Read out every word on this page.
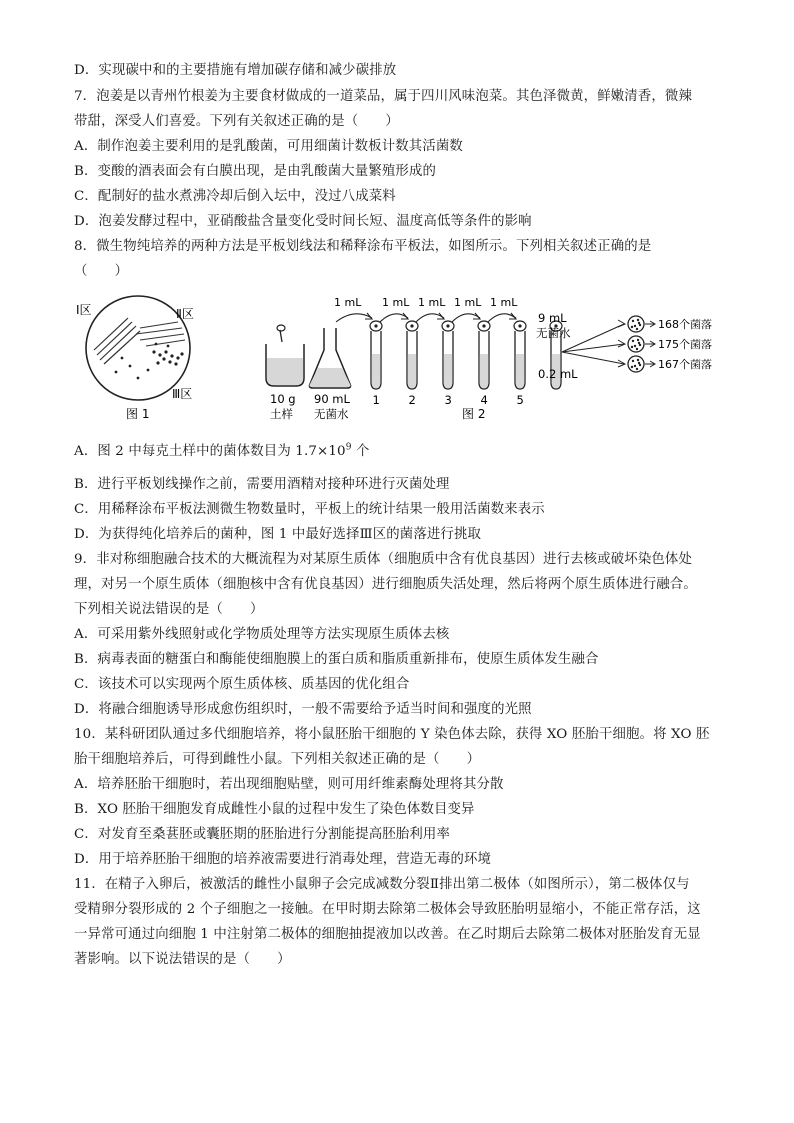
D．实现碳中和的主要措施有增加碳存储和减少碳排放
7．泡姜是以青州竹根姜为主要食材做成的一道菜品，属于四川风味泡菜。其色泽微黄，鲜嫩清香，微辣
带甜，深受人们喜爱。下列有关叙述正确的是（　　）
A．制作泡姜主要利用的是乳酸菌，可用细菌计数板计数其活菌数
B．变酸的酒表面会有白膜出现，是由乳酸菌大量繁殖形成的
C．配制好的盐水煮沸冷却后倒入坛中，没过八成菜料
D．泡姜发酵过程中，亚硝酸盐含量变化受时间长短、温度高低等条件的影响
8．微生物纯培养的两种方法是平板划线法和稀释涂布平板法，如图所示。下列相关叙述正确的是
（　　）
Ⅰ区	Ⅱ区
Ⅲ区
图 1
10 g
土样
90 mL
无菌水
1 2 3 4 5
1 mL 1 mL 1 mL 1 mL 1 mL
9 mL
无菌水
168个菌落
175个菌落
167个菌落
0.2 mL
图 2
A．图 2 中每克土样中的菌体数目为 $1.7\times 10^9$ 个
B．进行平板划线操作之前，需要用酒精对接种环进行灭菌处理
C．用稀释涂布平板法测微生物数量时，平板上的统计结果一般用活菌数来表示
D．为获得纯化培养后的菌种，图 1 中最好选择Ⅲ区的菌落进行挑取
9．非对称细胞融合技术的大概流程为对某原生质体（细胞质中含有优良基因）进行去核或破坏染色体处
理，对另一个原生质体（细胞核中含有优良基因）进行细胞质失活处理，然后将两个原生质体进行融合。
下列相关说法错误的是（　　）
A．可采用紫外线照射或化学物质处理等方法实现原生质体去核
B．病毒表面的糖蛋白和酶能使细胞膜上的蛋白质和脂质重新排布，使原生质体发生融合
C．该技术可以实现两个原生质体核、质基因的优化组合
D．将融合细胞诱导形成愈伤组织时，一般不需要给予适当时间和强度的光照
10．某科研团队通过多代细胞培养，将小鼠胚胎干细胞的 Y 染色体去除，获得 XO 胚胎干细胞。将 XO 胚
胎干细胞培养后，可得到雌性小鼠。下列相关叙述正确的是（　　）
A．培养胚胎干细胞时，若出现细胞贴壁，则可用纤维素酶处理将其分散
B．XO 胚胎干细胞发育成雌性小鼠的过程中发生了染色体数目变异
C．对发育至桑葚胚或囊胚期的胚胎进行分割能提高胚胎利用率
D．用于培养胚胎干细胞的培养液需要进行消毒处理，营造无毒的环境
11．在精子入卵后，被激活的雌性小鼠卵子会完成减数分裂Ⅱ排出第二极体（如图所示），第二极体仅与
受精卵分裂形成的 2 个子细胞之一接触。在甲时期去除第二极体会导致胚胎明显缩小，不能正常存活，这
一异常可通过向细胞 1 中注射第二极体的细胞抽提液加以改善。在乙时期后去除第二极体对胚胎发育无显
著影响。以下说法错误的是（　　）
